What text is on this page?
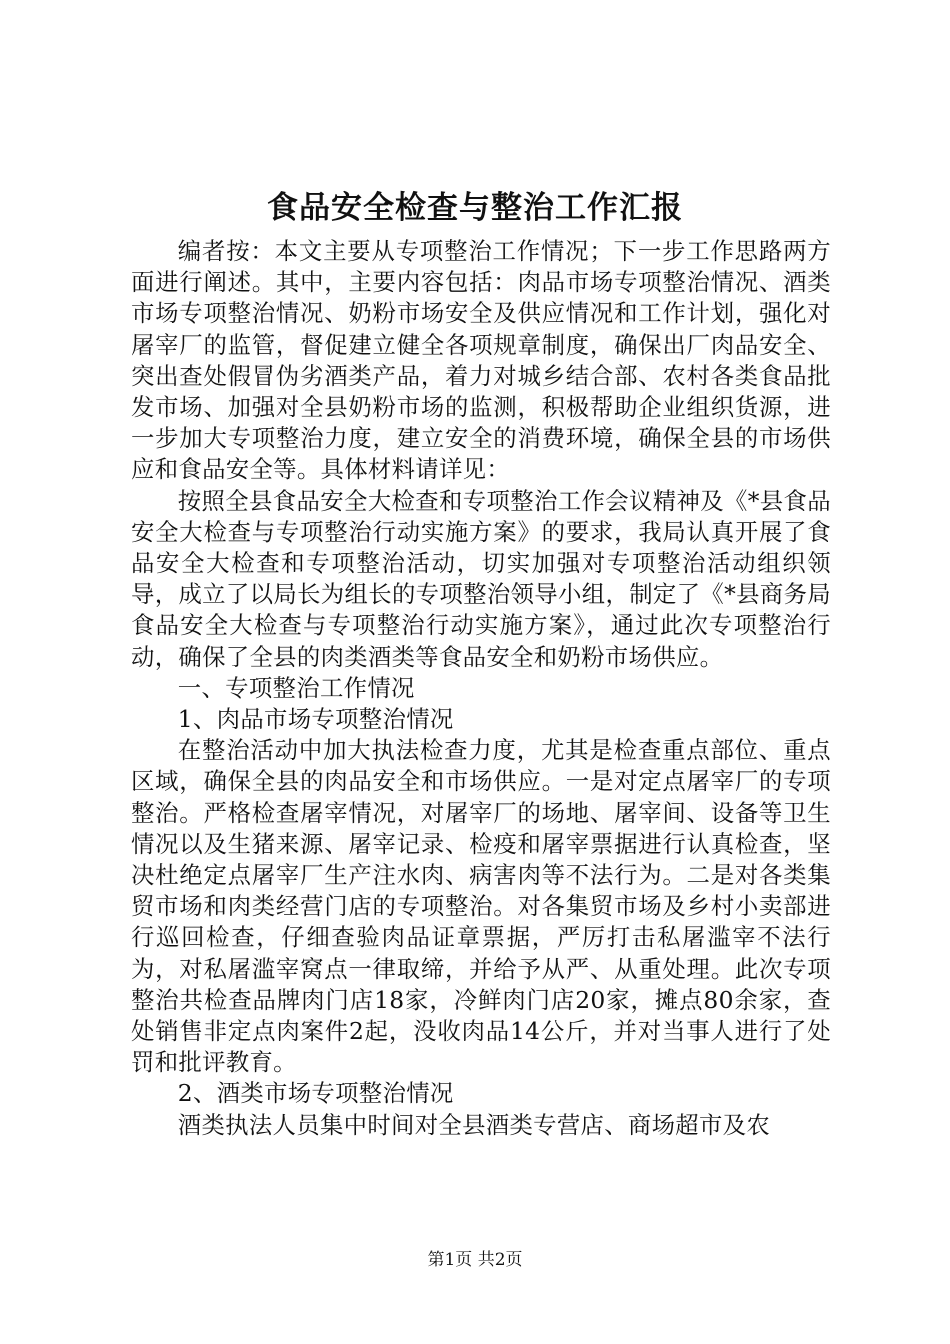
食品安全检查与整治工作汇报

编者按：本文主要从专项整治工作情况；下一步工作思路两方面进行阐述。其中，主要内容包括：肉品市场专项整治情况、酒类市场专项整治情况、奶粉市场安全及供应情况和工作计划，强化对屠宰厂的监管，督促建立健全各项规章制度，确保出厂肉品安全、突出查处假冒伪劣酒类产品，着力对城乡结合部、农村各类食品批发市场、加强对全县奶粉市场的监测，积极帮助企业组织货源，进一步加大专项整治力度，建立安全的消费环境，确保全县的市场供应和食品安全等。具体材料请详见：

按照全县食品安全大检查和专项整治工作会议精神及《*县食品安全大检查与专项整治行动实施方案》的要求，我局认真开展了食品安全大检查和专项整治活动，切实加强对专项整治活动组织领导，成立了以局长为组长的专项整治领导小组，制定了《*县商务局食品安全大检查与专项整治行动实施方案》，通过此次专项整治行动，确保了全县的肉类酒类等食品安全和奶粉市场供应。

一、专项整治工作情况

1、肉品市场专项整治情况

在整治活动中加大执法检查力度，尤其是检查重点部位、重点区域，确保全县的肉品安全和市场供应。一是对定点屠宰厂的专项整治。严格检查屠宰情况，对屠宰厂的场地、屠宰间、设备等卫生情况以及生猪来源、屠宰记录、检疫和屠宰票据进行认真检查，坚决杜绝定点屠宰厂生产注水肉、病害肉等不法行为。二是对各类集贸市场和肉类经营门店的专项整治。对各集贸市场及乡村小卖部进行巡回检查，仔细查验肉品证章票据，严厉打击私屠滥宰不法行为，对私屠滥宰窝点一律取缔，并给予从严、从重处理。此次专项整治共检查品牌肉门店18家，冷鲜肉门店20家，摊点80余家，查处销售非定点肉案件2起，没收肉品14公斤，并对当事人进行了处罚和批评教育。

2、酒类市场专项整治情况

酒类执法人员集中时间对全县酒类专营店、商场超市及农

第1页 共2页
